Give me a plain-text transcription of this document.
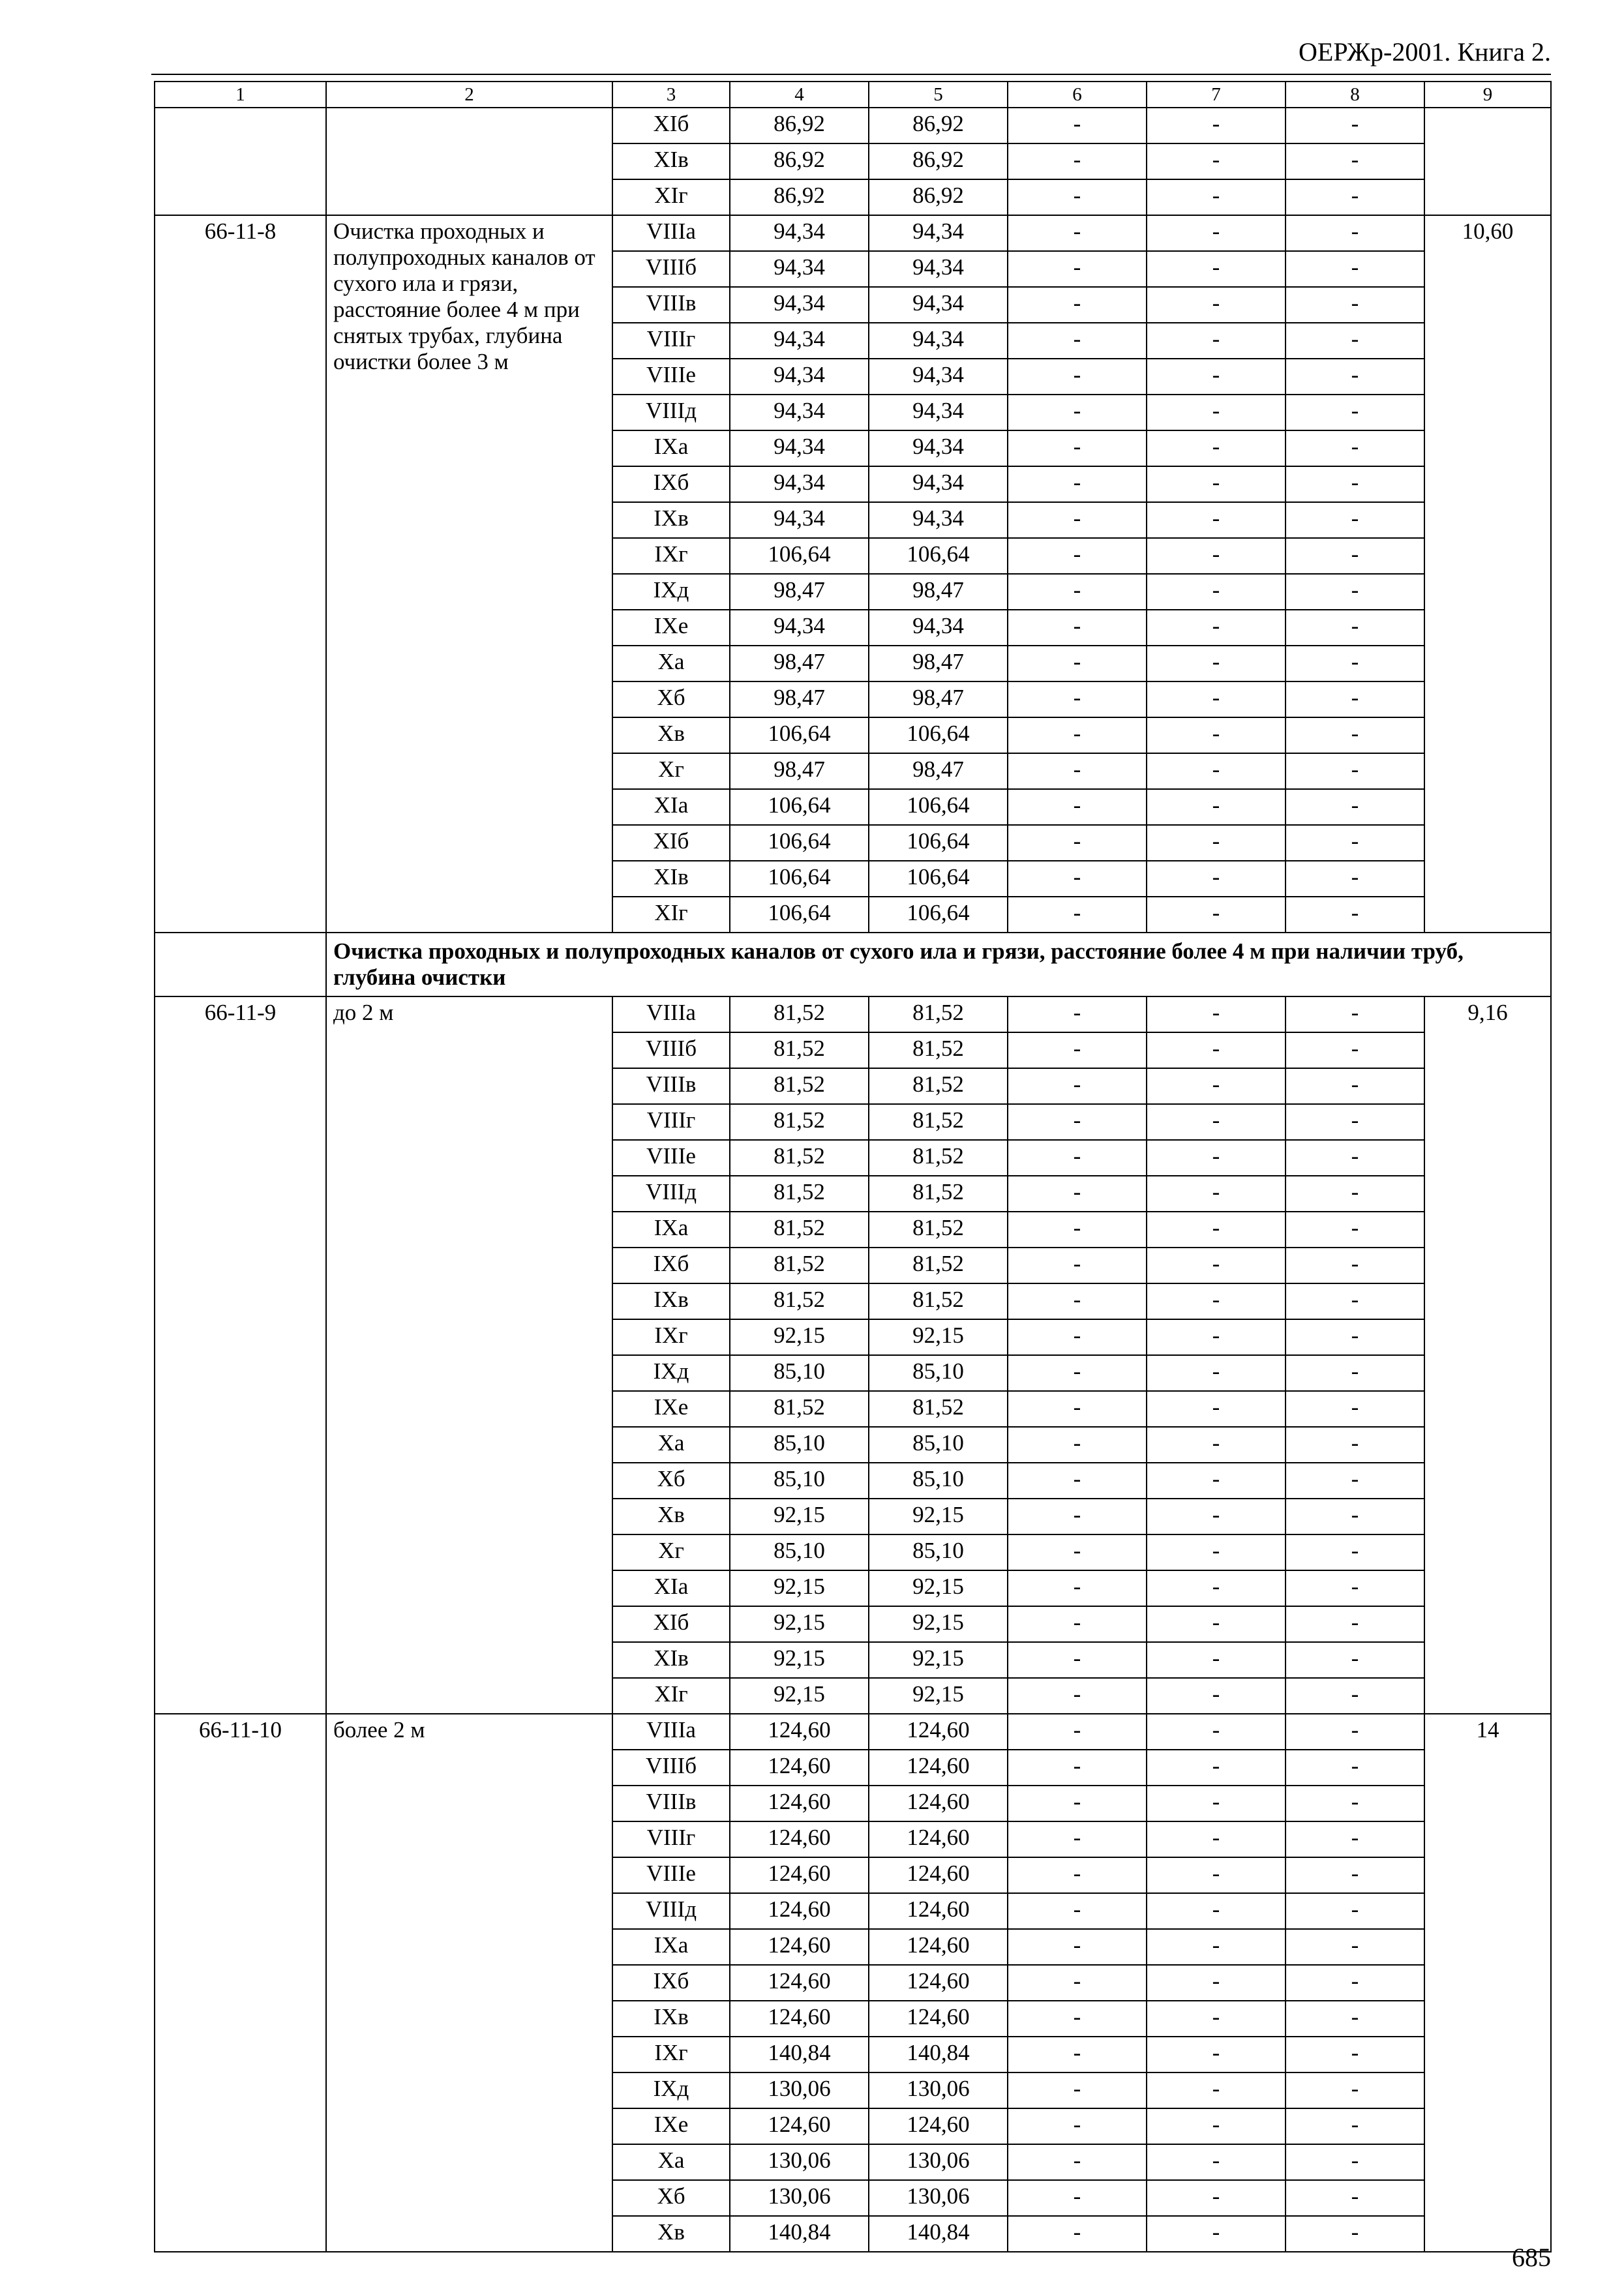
ОЕРЖр-2001. Книга 2.
1	2	3	4	5	6	7	8	9
		XIб	86,92	86,92	-	-	-	
		XIв	86,92	86,92	-	-	-	
		XIг	86,92	86,92	-	-	-	
66-11-8	Очистка проходных и полупроходных каналов от сухого ила и грязи, расстояние более 4 м при снятых трубах, глубина очистки более 3 м	VIIIа	94,34	94,34	-	-	-	10,60
		VIIIб	94,34	94,34	-	-	-	
		VIIIв	94,34	94,34	-	-	-	
		VIIIг	94,34	94,34	-	-	-	
		VIIIе	94,34	94,34	-	-	-	
		VIIIд	94,34	94,34	-	-	-	
		IXа	94,34	94,34	-	-	-	
		IXб	94,34	94,34	-	-	-	
		IXв	94,34	94,34	-	-	-	
		IXг	106,64	106,64	-	-	-	
		IXд	98,47	98,47	-	-	-	
		IXе	94,34	94,34	-	-	-	
		Xа	98,47	98,47	-	-	-	
		Xб	98,47	98,47	-	-	-	
		Xв	106,64	106,64	-	-	-	
		Xг	98,47	98,47	-	-	-	
		XIа	106,64	106,64	-	-	-	
		XIб	106,64	106,64	-	-	-	
		XIв	106,64	106,64	-	-	-	
		XIг	106,64	106,64	-	-	-	
	Очистка проходных и полупроходных каналов от сухого ила и грязи, расстояние более 4 м при наличии труб, глубина очистки							
66-11-9	до 2 м	VIIIа	81,52	81,52	-	-	-	9,16
		VIIIб	81,52	81,52	-	-	-	
		VIIIв	81,52	81,52	-	-	-	
		VIIIг	81,52	81,52	-	-	-	
		VIIIе	81,52	81,52	-	-	-	
		VIIIд	81,52	81,52	-	-	-	
		IXа	81,52	81,52	-	-	-	
		IXб	81,52	81,52	-	-	-	
		IXв	81,52	81,52	-	-	-	
		IXг	92,15	92,15	-	-	-	
		IXд	85,10	85,10	-	-	-	
		IXе	81,52	81,52	-	-	-	
		Xа	85,10	85,10	-	-	-	
		Xб	85,10	85,10	-	-	-	
		Xв	92,15	92,15	-	-	-	
		Xг	85,10	85,10	-	-	-	
		XIа	92,15	92,15	-	-	-	
		XIб	92,15	92,15	-	-	-	
		XIв	92,15	92,15	-	-	-	
		XIг	92,15	92,15	-	-	-	
66-11-10	более 2 м	VIIIа	124,60	124,60	-	-	-	14
		VIIIб	124,60	124,60	-	-	-	
		VIIIв	124,60	124,60	-	-	-	
		VIIIг	124,60	124,60	-	-	-	
		VIIIе	124,60	124,60	-	-	-	
		VIIIд	124,60	124,60	-	-	-	
		IXа	124,60	124,60	-	-	-	
		IXб	124,60	124,60	-	-	-	
		IXв	124,60	124,60	-	-	-	
		IXг	140,84	140,84	-	-	-	
		IXд	130,06	130,06	-	-	-	
		IXе	124,60	124,60	-	-	-	
		Xа	130,06	130,06	-	-	-	
		Xб	130,06	130,06	-	-	-	
		Xв	140,84	140,84	-	-	-	
685
